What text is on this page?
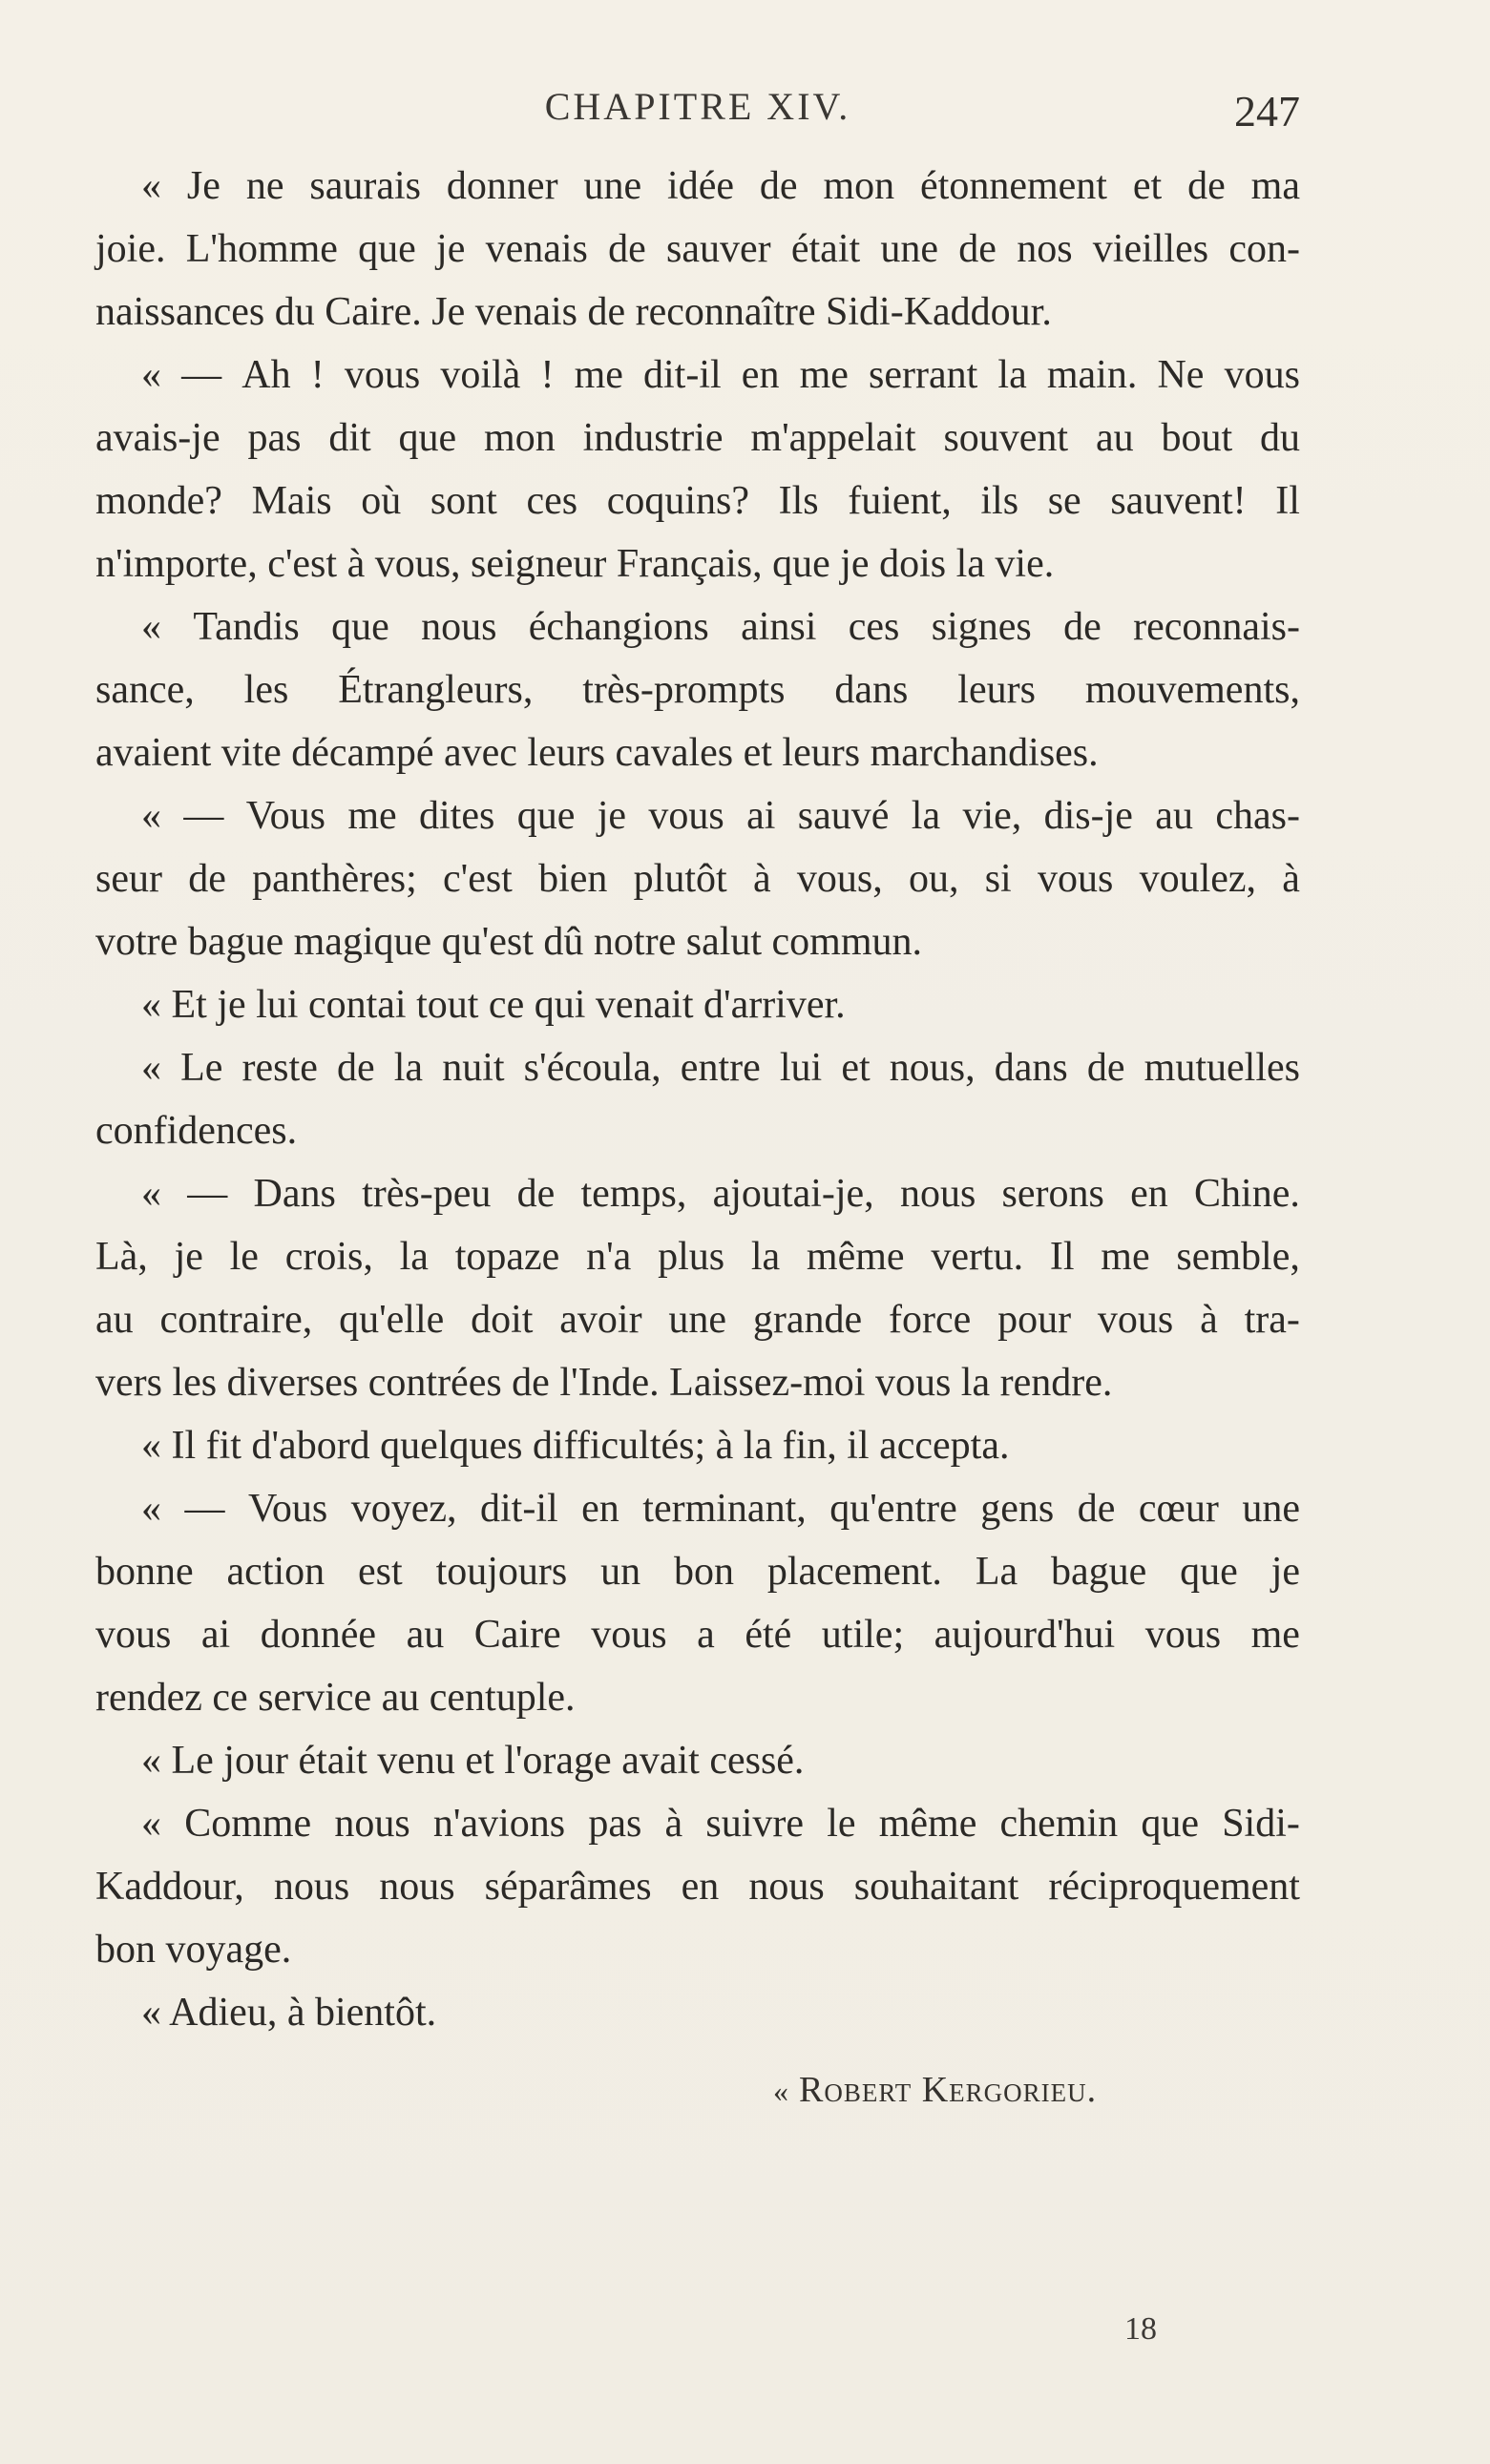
CHAPITRE XIV.	247
« Je ne saurais donner une idée de mon étonnement et de ma
joie. L'homme que je venais de sauver était une de nos vieilles con-
naissances du Caire. Je venais de reconnaître Sidi-Kaddour.
« — Ah ! vous voilà ! me dit-il en me serrant la main. Ne vous
avais-je pas dit que mon industrie m'appelait souvent au bout du
monde? Mais où sont ces coquins? Ils fuient, ils se sauvent! Il
n'importe, c'est à vous, seigneur Français, que je dois la vie.
« Tandis que nous échangions ainsi ces signes de reconnais-
sance, les Étrangleurs, très-prompts dans leurs mouvements,
avaient vite décampé avec leurs cavales et leurs marchandises.
« — Vous me dites que je vous ai sauvé la vie, dis-je au chas-
seur de panthères; c'est bien plutôt à vous, ou, si vous voulez, à
votre bague magique qu'est dû notre salut commun.
« Et je lui contai tout ce qui venait d'arriver.
« Le reste de la nuit s'écoula, entre lui et nous, dans de mutuelles
confidences.
« — Dans très-peu de temps, ajoutai-je, nous serons en Chine.
Là, je le crois, la topaze n'a plus la même vertu. Il me semble,
au contraire, qu'elle doit avoir une grande force pour vous à tra-
vers les diverses contrées de l'Inde. Laissez-moi vous la rendre.
« Il fit d'abord quelques difficultés; à la fin, il accepta.
« — Vous voyez, dit-il en terminant, qu'entre gens de cœur une
bonne action est toujours un bon placement. La bague que je
vous ai donnée au Caire vous a été utile; aujourd'hui vous me
rendez ce service au centuple.
« Le jour était venu et l'orage avait cessé.
« Comme nous n'avions pas à suivre le même chemin que Sidi-
Kaddour, nous nous séparâmes en nous souhaitant réciproquement
bon voyage.
« Adieu, à bientôt.
« Robert Kergorieu.
18
